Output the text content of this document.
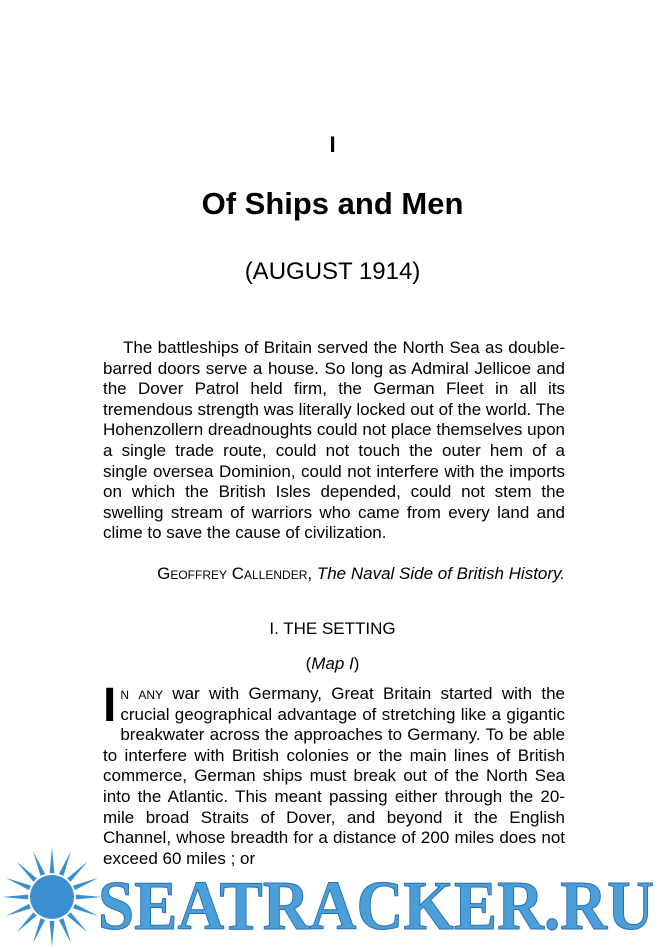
I
Of Ships and Men
(AUGUST 1914)
The battleships of Britain served the North Sea as double-barred doors serve a house. So long as Admiral Jellicoe and the Dover Patrol held firm, the German Fleet in all its tremendous strength was literally locked out of the world. The Hohenzollern dreadnoughts could not place themselves upon a single trade route, could not touch the outer hem of a single oversea Dominion, could not interfere with the imports on which the British Isles depended, could not stem the swelling stream of warriors who came from every land and clime to save the cause of civilization.
Geoffrey Callender, The Naval Side of British History.
I. THE SETTING
(Map I)
In any war with Germany, Great Britain started with the crucial geographical advantage of stretching like a gigantic breakwater across the approaches to Germany. To be able to interfere with British colonies or the main lines of British commerce, German ships must break out of the North Sea into the Atlantic. This meant passing either through the 20-mile broad Straits of Dover, and beyond it the English Channel, whose breadth for a distance of 200 miles does not exceed 60 miles ; or
SEATRACKER.RU
